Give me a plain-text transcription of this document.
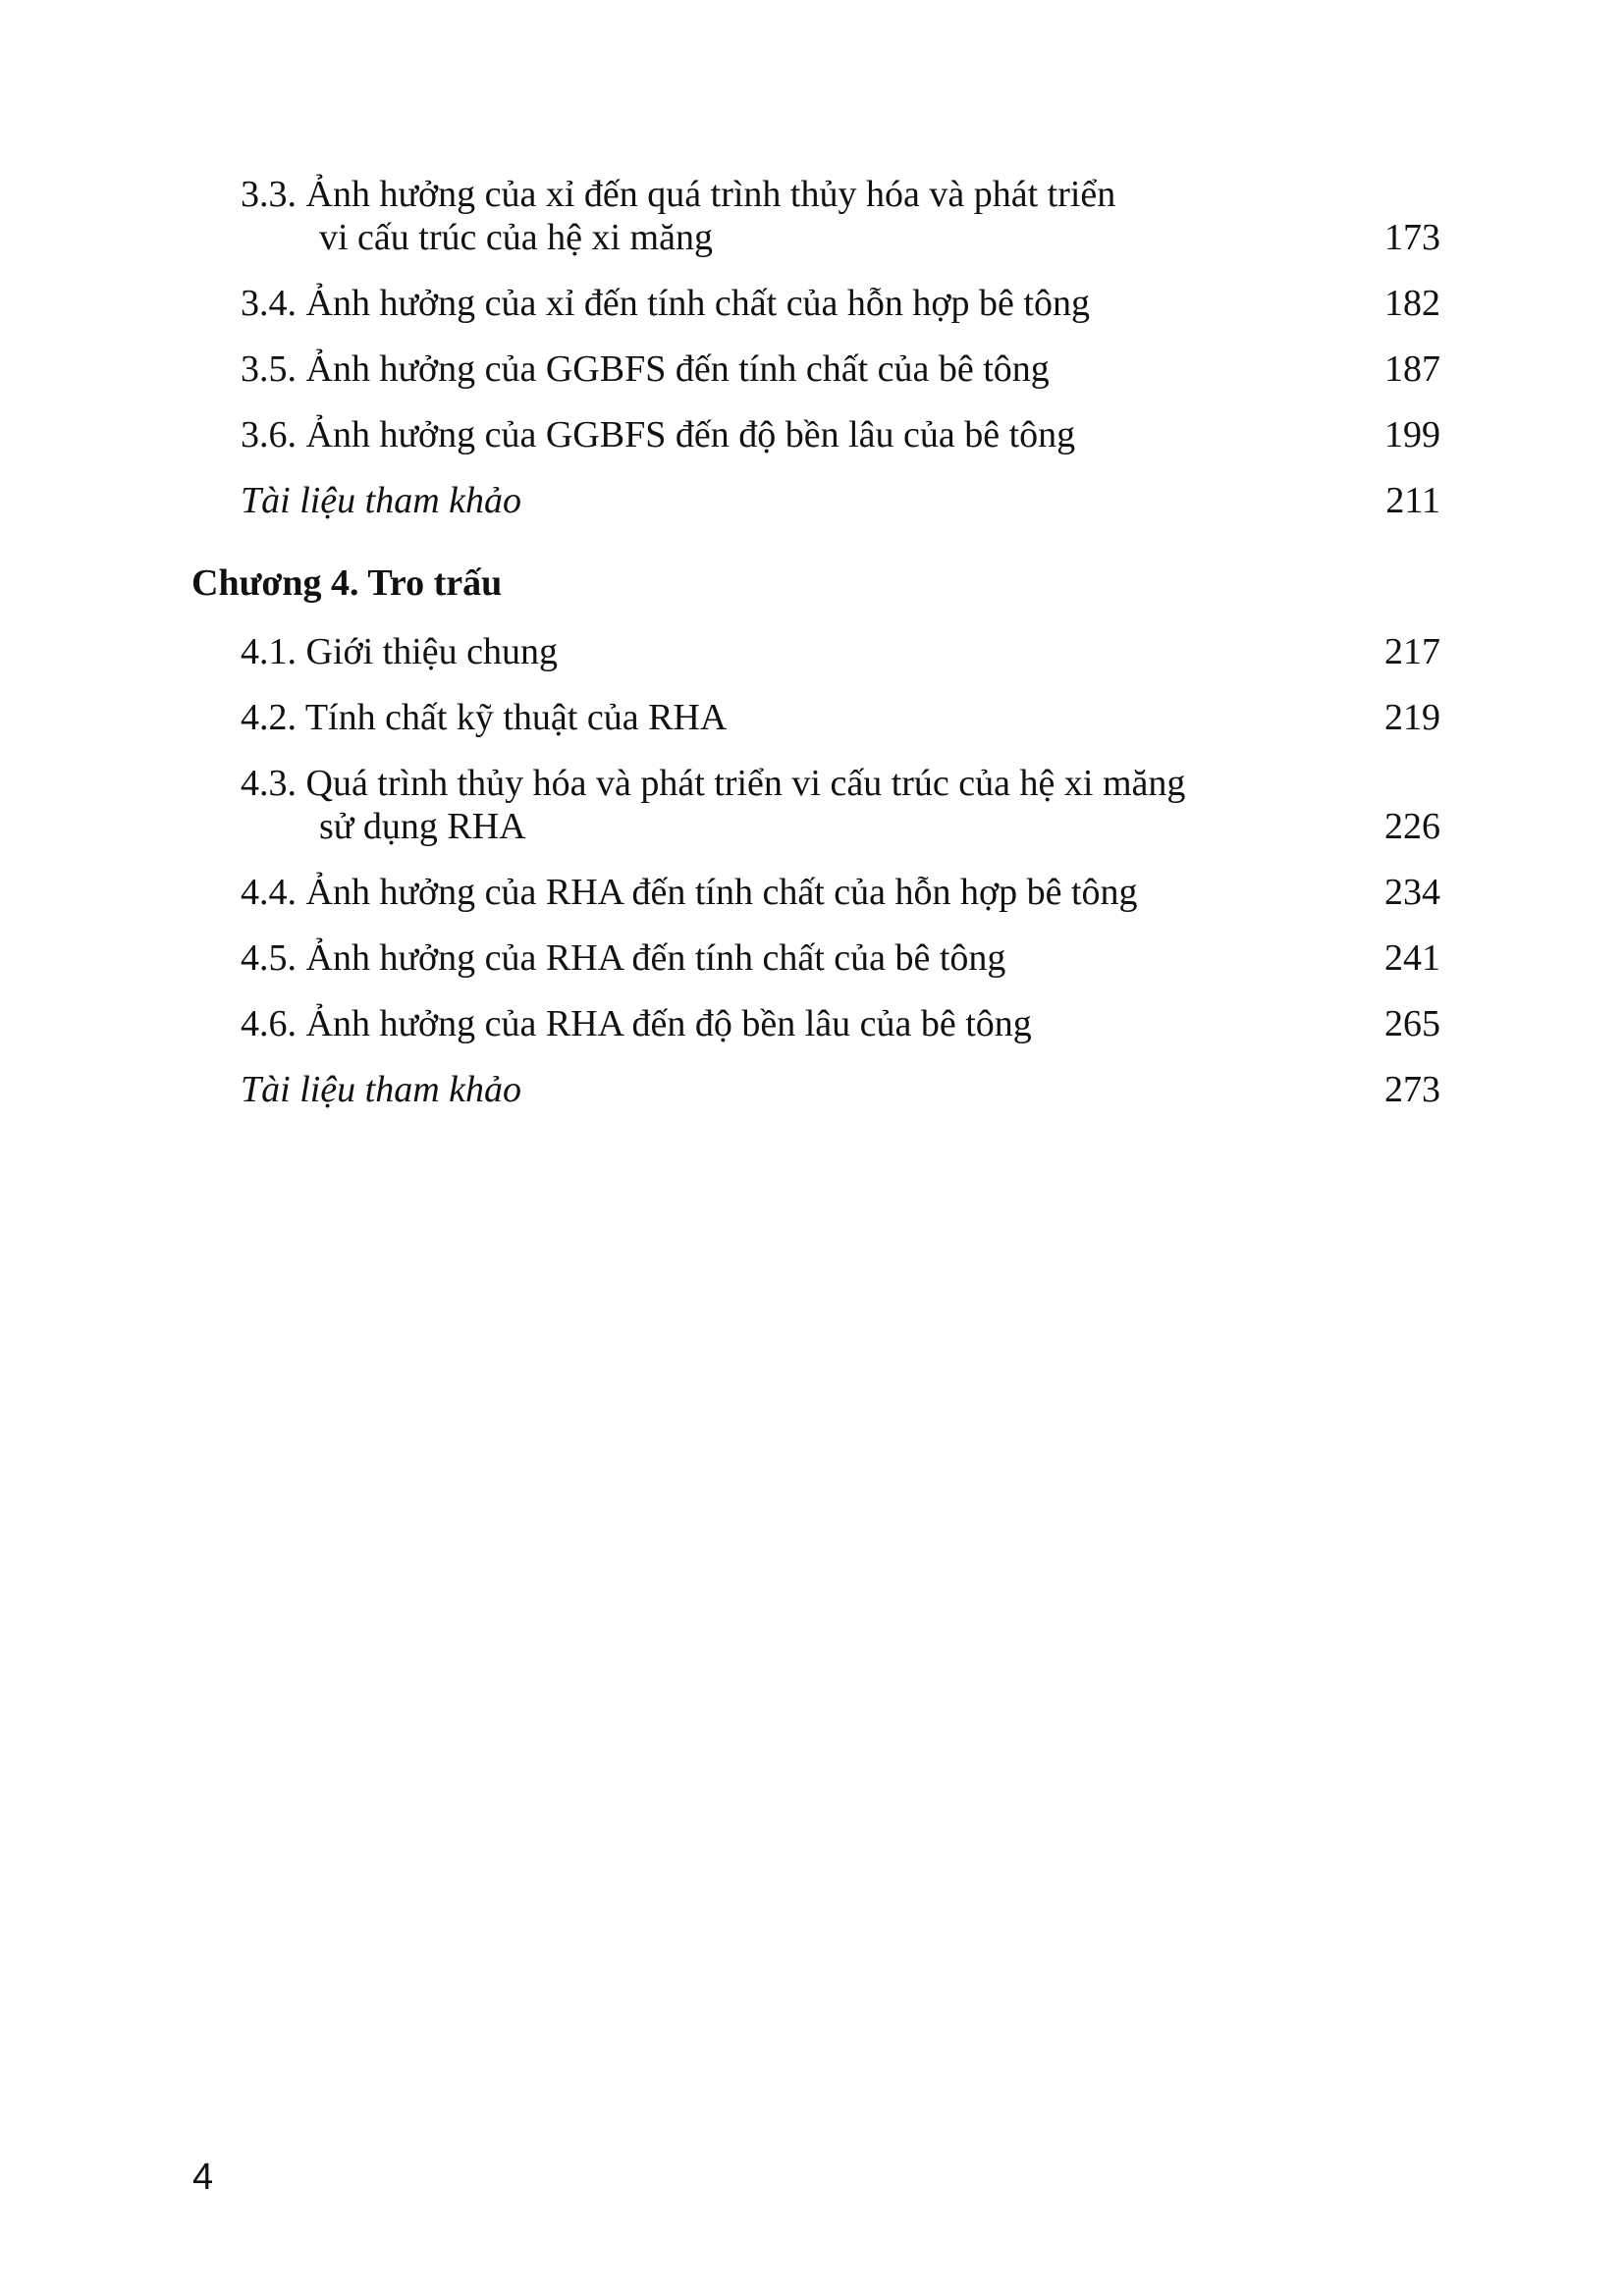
3.3. Ảnh hưởng của xỉ đến quá trình thủy hóa và phát triển
vi cấu trúc của hệ xi măng	173
3.4. Ảnh hưởng của xỉ đến tính chất của hỗn hợp bê tông	182
3.5. Ảnh hưởng của GGBFS đến tính chất của bê tông	187
3.6. Ảnh hưởng của GGBFS đến độ bền lâu của bê tông	199
Tài liệu tham khảo	211
Chương 4. Tro trấu
4.1. Giới thiệu chung	217
4.2. Tính chất kỹ thuật của RHA	219
4.3. Quá trình thủy hóa và phát triển vi cấu trúc của hệ xi măng
sử dụng RHA	226
4.4. Ảnh hưởng của RHA đến tính chất của hỗn hợp bê tông	234
4.5. Ảnh hưởng của RHA đến tính chất của bê tông	241
4.6. Ảnh hưởng của RHA đến độ bền lâu của bê tông	265
Tài liệu tham khảo	273
4
